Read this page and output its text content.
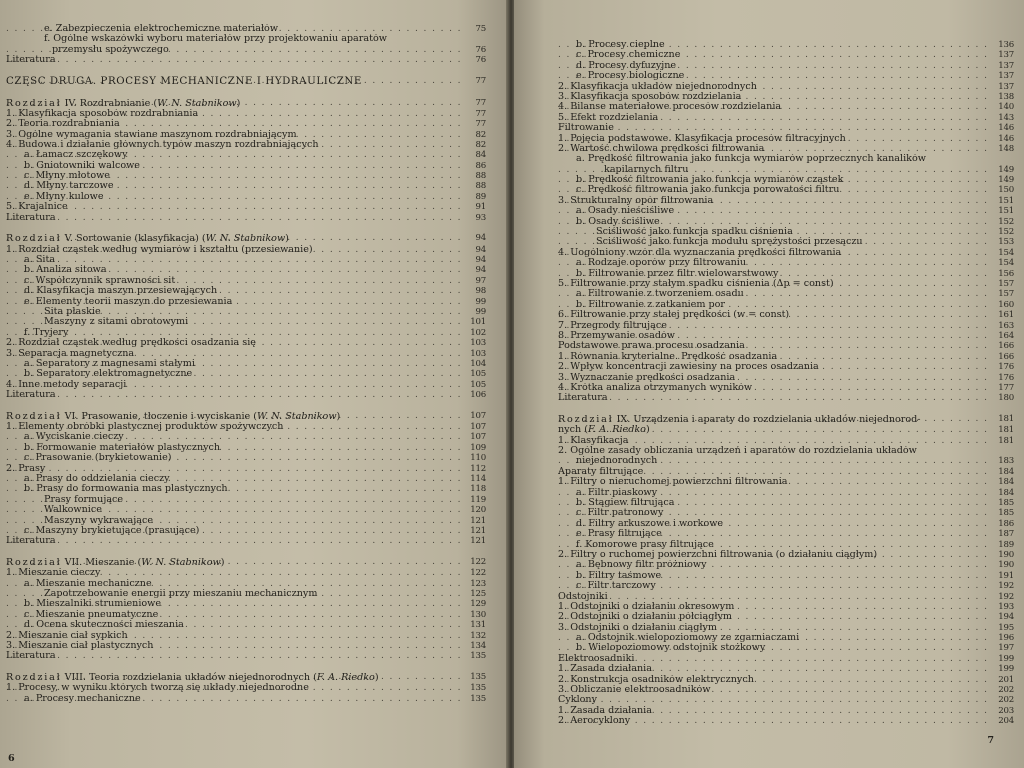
. . . e. Zabezpieczenia elektrochemiczne materiałów	75
f. Ogólne wskazówki wyboru materiałów przy projektowaniu aparatów
. . . przemysłu spożywczego	76
. . . Literatura	76
. . . CZĘŚĆ DRUGA. PROCESY MECHANICZNE I HYDRAULICZNE	77
. . . Rozdział IV. Rozdrabnianie (W. N. Stabnikow)	77
. . . 1. Klasyfikacja sposobów rozdrabniania	77
. . . 2. Teoria rozdrabniania	77
. . . 3. Ogólne wymagania stawiane maszynom rozdrabniającym	82
. . . 4. Budowa i działanie głównych typów maszyn rozdrabniających	82
. . . a. Łamacz szczękowy	84
. . . b. Gniotowniki walcowe	86
. . . c. Młyny młotowe	88
. . . d. Młyny tarczowe	88
. . . e. Młyny kulowe	89
. . . 5. Krajalnice	91
. . . Literatura	93
. . . Rozdział V. Sortowanie (klasyfikacja) (W. N. Stabnikow)	94
. . . 1. Rozdział cząstek według wymiarów i kształtu (przesiewanie)	94
. . . a. Sita	94
. . . b. Analiza sitowa	94
. . . c. Współczynnik sprawności sit	97
. . . d. Klasyfikacja maszyn przesiewających	98
. . . e. Elementy teorii maszyn do przesiewania	99
. . . Sita płaskie	99
. . . Maszyny z sitami obrotowymi	101
. . . f. Tryjery	102
. . . 2. Rozdział cząstek według prędkości osadzania się	103
. . . 3. Separacja magnetyczna	103
. . . a. Separatory z magnesami stałymi	104
. . . b. Separatory elektromagnetyczne	105
. . . 4. Inne metody separacji	105
. . . Literatura	106
. . . Rozdział VI. Prasowanie, tłoczenie i wyciskanie (W. N. Stabnikow)	107
. . . 1. Elementy obróbki plastycznej produktów spożywczych	107
. . . a. Wyciskanie cieczy	107
. . . b. Formowanie materiałów plastycznych	109
. . . c. Prasowanie (brykietowanie)	110
. . . 2. Prasy	112
. . . a. Prasy do oddzielania cieczy	114
. . . b. Prasy do formowania mas plastycznych	118
. . . Prasy formujące	119
. . . Walkownice	120
. . . Maszyny wykrawające	121
. . . c. Maszyny brykietujące (prasujące)	121
. . . Literatura	121
. . . Rozdział VII. Mieszanie (W. N. Stabnikow)	122
. . . 1. Mieszanie cieczy	122
. . . a. Mieszanie mechaniczne	123
. . . Zapotrzebowanie energii przy mieszaniu mechanicznym	125
. . . b. Mieszalniki strumieniowe	129
. . . c. Mieszanie pneumatyczne	130
. . . d. Ocena skuteczności mieszania	131
. . . 2. Mieszanie ciał sypkich	132
. . . 3. Mieszanie ciał plastycznych	134
. . . Literatura	135
. . . Rozdział VIII. Teoria rozdzielania układów niejednorodnych (F. A. Riedko)	135
. . . 1. Procesy, w wyniku których tworzą się układy niejednorodne	135
. . . a. Procesy mechaniczne	135
6
. . . b. Procesy cieplne	136
. . . c. Procesy chemiczne	137
. . . d. Procesy dyfuzyjne	137
. . . e. Procesy biologiczne	137
. . . 2. Klasyfikacja układów niejednorodnych	137
. . . 3. Klasyfikacja sposobów rozdzielania	138
. . . 4. Bilanse materiałowe procesów rozdzielania	140
. . . 5. Efekt rozdzielania	143
. . . Filtrowanie	146
. . . 1. Pojęcia podstawowe. Klasyfikacja procesów filtracyjnych	146
. . . 2. Wartość chwilowa prędkości filtrowania	148
a. Prędkość filtrowania jako funkcja wymiarów poprzecznych kanalików
. . . kapilarnych filtru	149
. . . b. Prędkość filtrowania jako funkcja wymiarów cząstek	149
. . . c. Prędkość filtrowania jako funkcja porowatości filtru	150
. . . 3. Strukturalny opór filtrowania	151
. . . a. Osady nieściśliwe	151
. . . b. Osady ściśliwe	152
. . . Ściśliwość jako funkcja spadku ciśnienia	152
. . . Ściśliwość jako funkcja modułu sprężystości przesączu	153
. . . 4. Uogólniony wzór dla wyznaczania prędkości filtrowania	154
. . . a. Rodzaje oporów przy filtrowaniu	154
. . . b. Filtrowanie przez filtr wielowarstwowy	156
. . . 5. Filtrowanie przy stałym spadku ciśnienia (Δp = const)	157
. . . a. Filtrowanie z tworzeniem osadu	157
. . . b. Filtrowanie z zatkaniem por	160
. . . 6. Filtrowanie przy stałej prędkości (w = const)	161
. . . 7. Przegrody filtrujące	163
. . . 8. Przemywanie osadów	164
. . . Podstawowe prawa procesu osadzania	166
. . . 1. Równania kryterialne. Prędkość osadzania	166
. . . 2. Wpływ koncentracji zawiesiny na proces osadzania	176
. . . 3. Wyznaczanie prędkości osadzania	176
. . . 4. Krótka analiza otrzymanych wyników	177
. . . Literatura	180
. . . Rozdział IX. Urządzenia i aparaty do rozdzielania układów niejednorod-	181
. . . nych (F. A. Riedko)	181
. . . 1. Klasyfikacja	181
2. Ogólne zasady obliczania urządzeń i aparatów do rozdzielania układów
. . . niejednorodnych	183
. . . Aparaty filtrujące	184
. . . 1. Filtry o nieruchomej powierzchni filtrowania	184
. . . a. Filtr piaskowy	184
. . . b. Stągiew filtrująca	185
. . . c. Filtr patronowy	185
. . . d. Filtry arkuszowe i workowe	186
. . . e. Prasy filtrujące	187
. . . f. Komorowe prasy filtrujące	189
. . . 2. Filtry o ruchomej powierzchni filtrowania (o działaniu ciągłym)	190
. . . a. Bębnowy filtr próżniowy	190
. . . b. Filtry taśmowe	191
. . . c. Filtr tarczowy	192
. . . Odstojniki	192
. . . 1. Odstojniki o działaniu okresowym	193
. . . 2. Odstojniki o działaniu półciągłym	194
. . . 3. Odstojniki o działaniu ciągłym	195
. . . a. Odstojnik wielopoziomowy ze zgarniaczami	196
. . . b. Wielopoziomowy odstojnik stożkowy	197
. . . Elektroosadniki	199
. . . 1. Zasada działania	199
. . . 2. Konstrukcja osadników elektrycznych	201
. . . 3. Obliczanie elektroosadników	202
. . . Cyklony	202
. . . 1. Zasada działania	203
. . . 2. Aerocyklony	204
7
